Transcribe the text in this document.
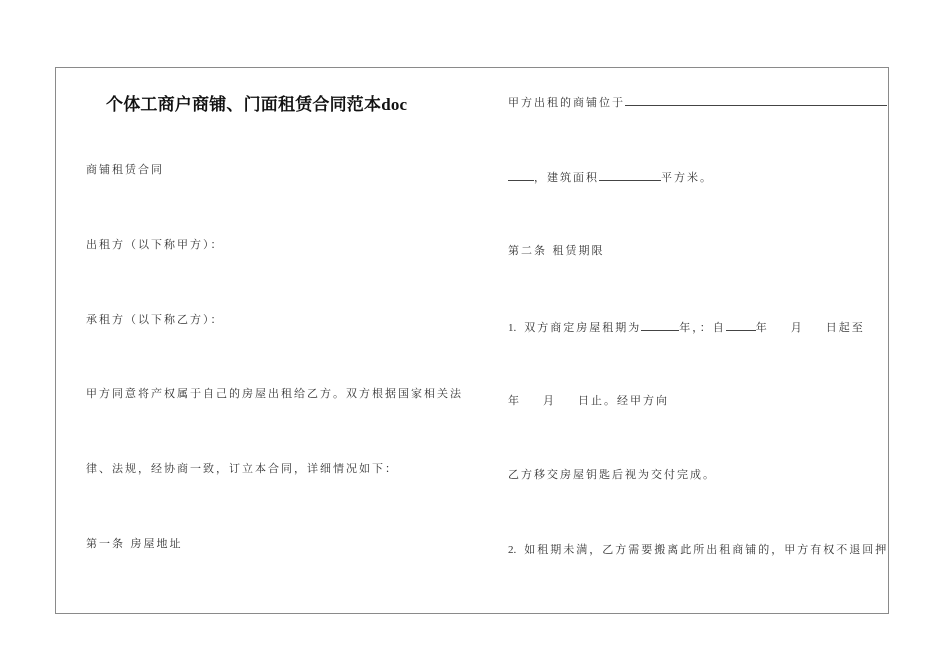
个体工商户商铺、门面租赁合同范本doc
商铺租赁合同
出租方（以下称甲方）：
承租方（以下称乙方）：
甲方同意将产权属于自己的房屋出租给乙方。双方根据国家相关法
律、法规，经协商一致，订立本合同，详细情况如下：
第一条 房屋地址
甲方出租的商铺位于
，建筑面积	平方米。
第二条 租赁期限
1. 双方商定房屋租期为	年，：自	年 月 日起至
年 月 日止。经甲方向
乙方移交房屋钥匙后视为交付完成。
2. 如租期未满，乙方需要搬离此所出租商铺的，甲方有权不退回押
